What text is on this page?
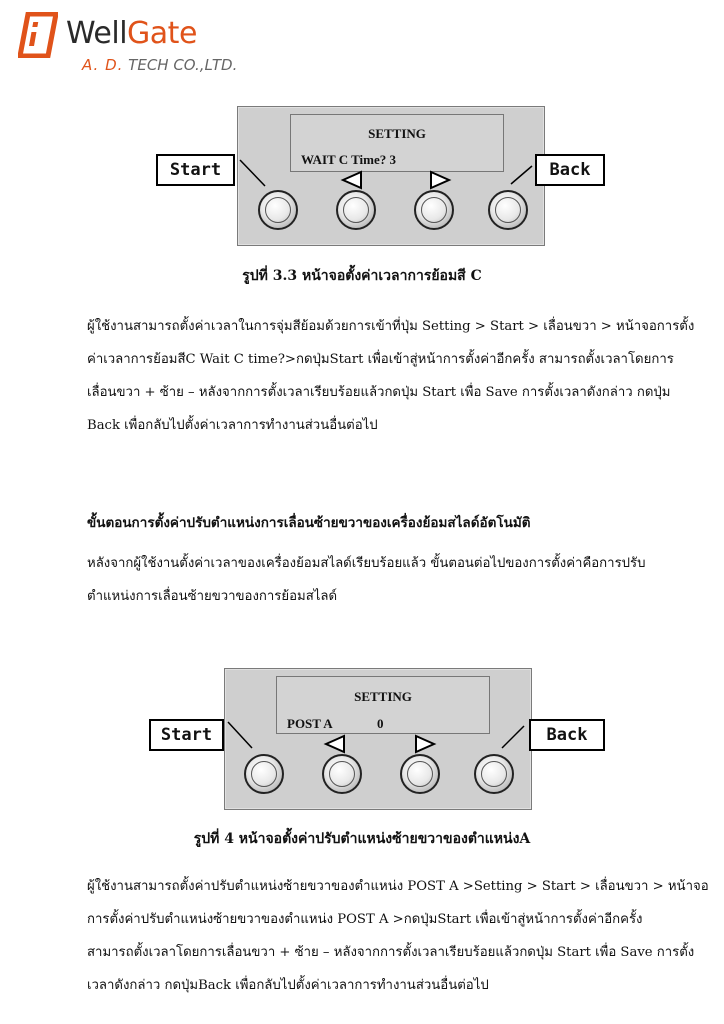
WellGate
A. D. TECH CO.,LTD.
SETTING
WAIT C Time? 3
Start	Back
รูปที่ 3.3 หน้าจอตั้งค่าเวลาการย้อมสี C

ผู้ใช้งานสามารถตั้งค่าเวลาในการจุ่มสีย้อมด้วยการเข้าที่ปุ่ม Setting > Start > เลื่อนขวา > หน้าจอการตั้ง

ค่าเวลาการย้อมสีC Wait C time?>กดปุ่มStart เพื่อเข้าสู่หน้าการตั้งค่าอีกครั้ง สามารถตั้งเวลาโดยการ

เลื่อนขวา + ซ้าย – หลังจากการตั้งเวลาเรียบร้อยแล้วกดปุ่ม Start เพื่อ Save การตั้งเวลาดังกล่าว กดปุ่ม

Back เพื่อกลับไปตั้งค่าเวลาการทำงานส่วนอื่นต่อไป

ขั้นตอนการตั้งค่าปรับตำแหน่งการเลื่อนซ้ายขวาของเครื่องย้อมสไลด์อัตโนมัติ

หลังจากผู้ใช้งานตั้งค่าเวลาของเครื่องย้อมสไลด์เรียบร้อยแล้ว ขั้นตอนต่อไปของการตั้งค่าคือการปรับ

ตำแหน่งการเลื่อนซ้ายขวาของการย้อมสไลด์

SETTING
POST A	0
Start	Back
รูปที่ 4 หน้าจอตั้งค่าปรับตำแหน่งซ้ายขวาของตำแหน่งA

ผู้ใช้งานสามารถตั้งค่าปรับตำแหน่งซ้ายขวาของตำแหน่ง POST A >Setting > Start > เลื่อนขวา > หน้าจอ

การตั้งค่าปรับตำแหน่งซ้ายขวาของตำแหน่ง POST A >กดปุ่มStart เพื่อเข้าสู่หน้าการตั้งค่าอีกครั้ง

สามารถตั้งเวลาโดยการเลื่อนขวา + ซ้าย – หลังจากการตั้งเวลาเรียบร้อยแล้วกดปุ่ม Start เพื่อ Save การตั้ง

เวลาดังกล่าว กดปุ่มBack เพื่อกลับไปตั้งค่าเวลาการทำงานส่วนอื่นต่อไป
